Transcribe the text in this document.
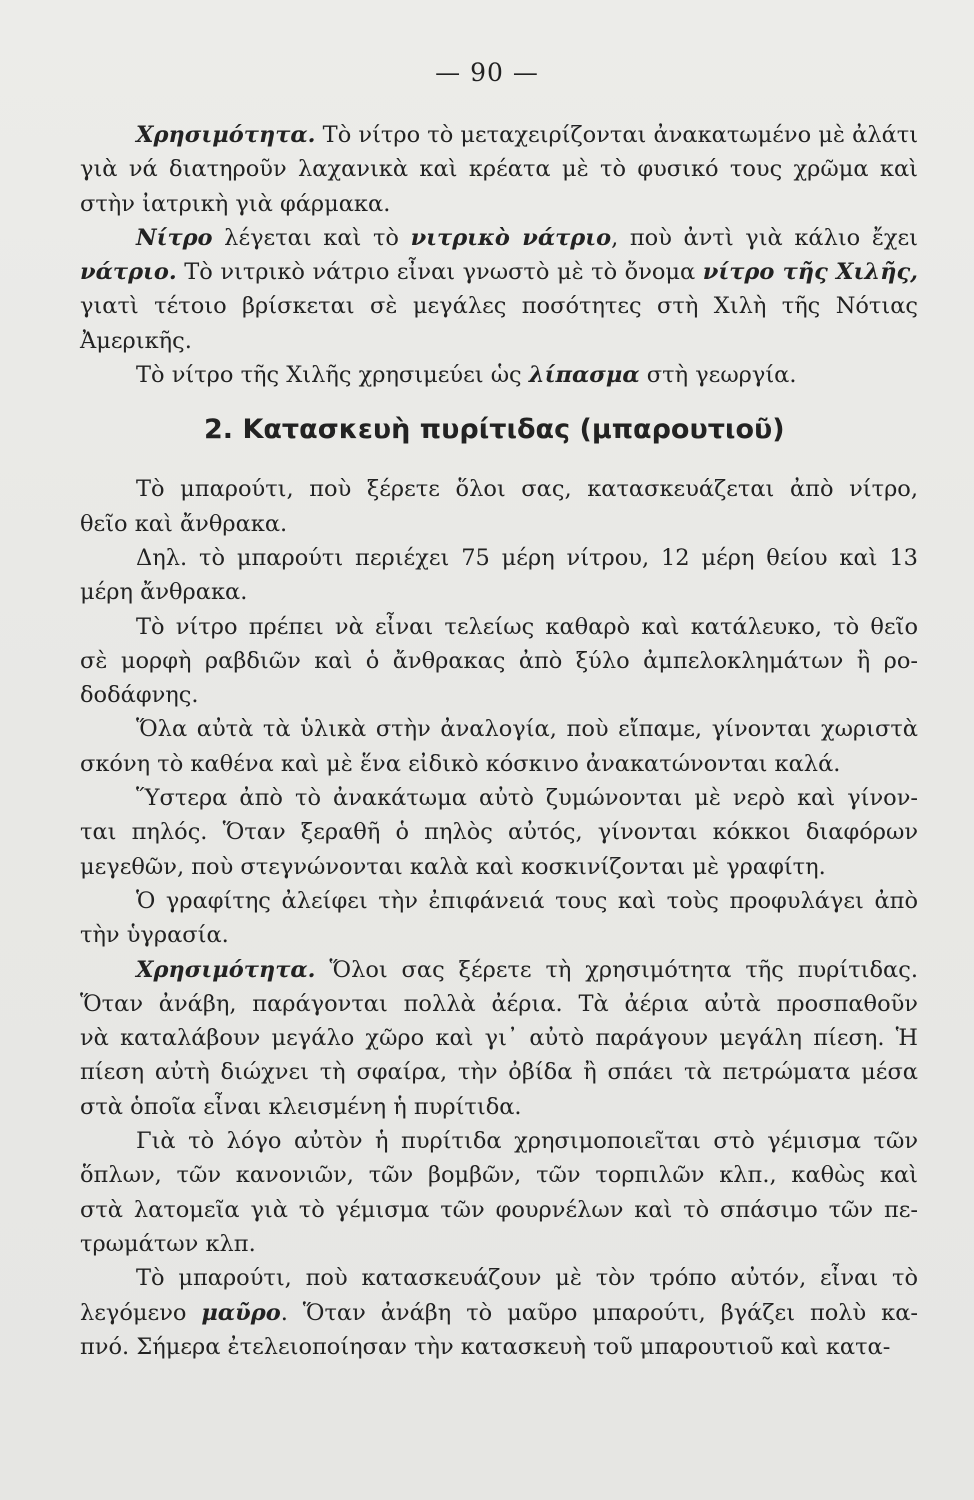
— 90 —
Χρησιμότητα. Τὸ νίτρο τὸ μεταχειρίζονται ἀνακατωμένο μὲ ἀλάτι
γιὰ νά διατηροῦν λαχανικὰ καὶ κρέατα μὲ τὸ φυσικό τους χρῶμα καὶ
στὴν ἰατρικὴ γιὰ φάρμακα.
Νίτρο λέγεται καὶ τὸ νιτρικὸ νάτριο, ποὺ ἀντὶ γιὰ κάλιο ἔχει
νάτριο. Τὸ νιτρικὸ νάτριο εἶναι γνωστὸ μὲ τὸ ὄνομα νίτρο τῆς Χιλῆς,
γιατὶ τέτοιο βρίσκεται σὲ μεγάλες ποσότητες στὴ Χιλὴ τῆς Νότιας
Ἀμερικῆς.
Τὸ νίτρο τῆς Χιλῆς χρησιμεύει ὡς λίπασμα στὴ γεωργία.
2. Κατασκευὴ πυρίτιδας (μπαρουτιοῦ)
Τὸ μπαρούτι, ποὺ ξέρετε ὅλοι σας, κατασκευάζεται ἀπὸ νίτρο,
θεῖο καὶ ἄνθρακα.
Δηλ. τὸ μπαρούτι περιέχει 75 μέρη νίτρου, 12 μέρη θείου καὶ 13
μέρη ἄνθρακα.
Τὸ νίτρο πρέπει νὰ εἶναι τελείως καθαρὸ καὶ κατάλευκο, τὸ θεῖο
σὲ μορφὴ ραβδιῶν καὶ ὁ ἄνθρακας ἀπὸ ξύλο ἀμπελοκλημάτων ἢ ρο-
δοδάφνης.
Ὅλα αὐτὰ τὰ ὑλικὰ στὴν ἀναλογία, ποὺ εἴπαμε, γίνονται χωριστὰ
σκόνη τὸ καθένα καὶ μὲ ἕνα εἰδικὸ κόσκινο ἀνακατώνονται καλά.
Ὕστερα ἀπὸ τὸ ἀνακάτωμα αὐτὸ ζυμώνονται μὲ νερὸ καὶ γίνον-
ται πηλός. Ὅταν ξεραθῆ ὁ πηλὸς αὐτός, γίνονται κόκκοι διαφόρων
μεγεθῶν, ποὺ στεγνώνονται καλὰ καὶ κοσκινίζονται μὲ γραφίτη.
Ὁ γραφίτης ἀλείφει τὴν ἐπιφάνειά τους καὶ τοὺς προφυλάγει ἀπὸ
τὴν ὑγρασία.
Χρησιμότητα. Ὅλοι σας ξέρετε τὴ χρησιμότητα τῆς πυρίτιδας.
Ὅταν ἀνάβη, παράγονται πολλὰ ἀέρια. Τὰ ἀέρια αὐτὰ προσπαθοῦν
νὰ καταλάβουν μεγάλο χῶρο καὶ γι᾿ αὐτὸ παράγουν μεγάλη πίεση. Ἡ
πίεση αὐτὴ διώχνει τὴ σφαίρα, τὴν ὀβίδα ἢ σπάει τὰ πετρώματα μέσα
στὰ ὁποῖα εἶναι κλεισμένη ἡ πυρίτιδα.
Γιὰ τὸ λόγο αὐτὸν ἡ πυρίτιδα χρησιμοποιεῖται στὸ γέμισμα τῶν
ὅπλων, τῶν κανονιῶν, τῶν βομβῶν, τῶν τορπιλῶν κλπ., καθὼς καὶ
στὰ λατομεῖα γιὰ τὸ γέμισμα τῶν φουρνέλων καὶ τὸ σπάσιμο τῶν πε-
τρωμάτων κλπ.
Τὸ μπαρούτι, ποὺ κατασκευάζουν μὲ τὸν τρόπο αὐτόν, εἶναι τὸ
λεγόμενο μαῦρο. Ὅταν ἀνάβη τὸ μαῦρο μπαρούτι, βγάζει πολὺ κα-
πνό. Σήμερα ἐτελειοποίησαν τὴν κατασκευὴ τοῦ μπαρουτιοῦ καὶ κατα-
